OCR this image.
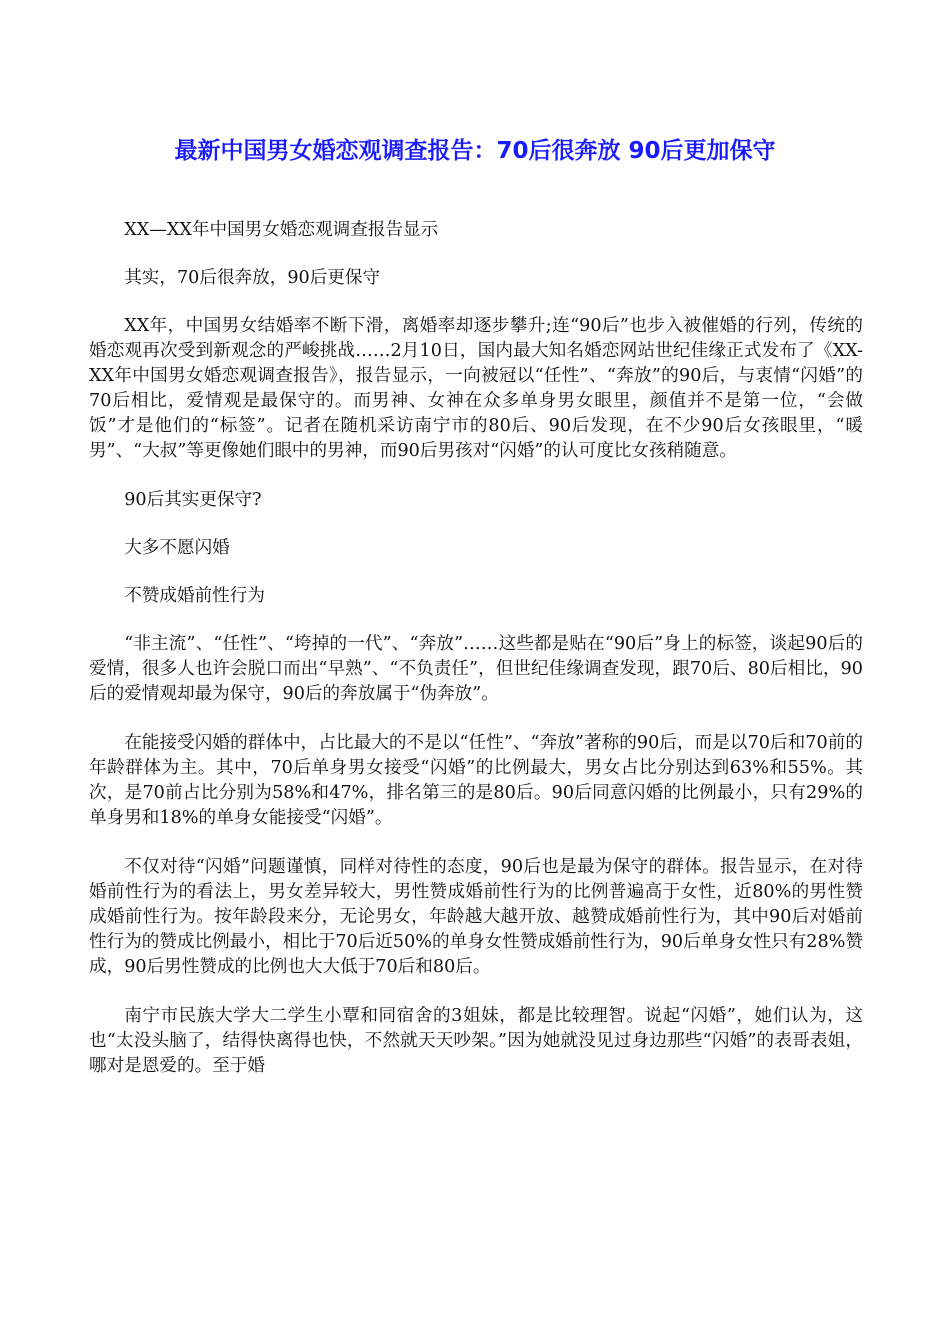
最新中国男女婚恋观调查报告：70后很奔放 90后更加保守

XX—XX年中国男女婚恋观调查报告显示

其实，70后很奔放，90后更保守

XX年，中国男女结婚率不断下滑，离婚率却逐步攀升;连“90后”也步入被催婚的行列，传统的婚恋观再次受到新观念的严峻挑战……2月10日，国内最大知名婚恋网站世纪佳缘正式发布了《XX-XX年中国男女婚恋观调查报告》，报告显示，一向被冠以“任性”、“奔放”的90后，与衷情“闪婚”的70后相比，爱情观是最保守的。而男神、女神在众多单身男女眼里，颜值并不是第一位，“会做饭”才是他们的“标签”。记者在随机采访南宁市的80后、90后发现，在不少90后女孩眼里，“暖男”、“大叔”等更像她们眼中的男神，而90后男孩对“闪婚”的认可度比女孩稍随意。

90后其实更保守?

大多不愿闪婚

不赞成婚前性行为

“非主流”、“任性”、“垮掉的一代”、“奔放”……这些都是贴在“90后”身上的标签，谈起90后的爱情，很多人也许会脱口而出“早熟”、“不负责任”，但世纪佳缘调查发现，跟70后、80后相比，90后的爱情观却最为保守，90后的奔放属于“伪奔放”。

在能接受闪婚的群体中，占比最大的不是以“任性”、“奔放”著称的90后，而是以70后和70前的年龄群体为主。其中，70后单身男女接受“闪婚”的比例最大，男女占比分别达到63%和55%。其次，是70前占比分别为58%和47%，排名第三的是80后。90后同意闪婚的比例最小，只有29%的单身男和18%的单身女能接受“闪婚”。

不仅对待“闪婚”问题谨慎，同样对待性的态度，90后也是最为保守的群体。报告显示，在对待婚前性行为的看法上，男女差异较大，男性赞成婚前性行为的比例普遍高于女性，近80%的男性赞成婚前性行为。按年龄段来分，无论男女，年龄越大越开放、越赞成婚前性行为，其中90后对婚前性行为的赞成比例最小，相比于70后近50%的单身女性赞成婚前性行为，90后单身女性只有28%赞成，90后男性赞成的比例也大大低于70后和80后。

南宁市民族大学大二学生小覃和同宿舍的3姐妹，都是比较理智。说起“闪婚”，她们认为，这也“太没头脑了，结得快离得也快，不然就天天吵架。”因为她就没见过身边那些“闪婚”的表哥表姐，哪对是恩爱的。至于婚
